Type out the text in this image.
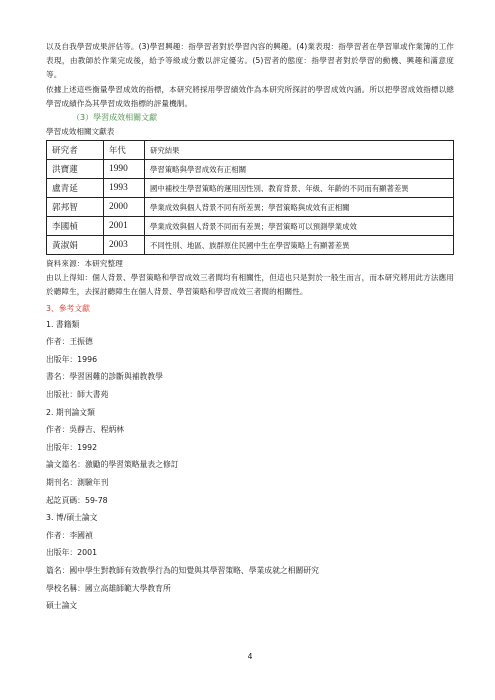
以及自我學習成果評估等。(3)學習興趣：指學習者對於學習內容的興趣。(4)業表現：指學習者在學習單或作業簿的工作表現，由教師於作業完成後，給予等級或分數以評定優劣。(5)習者的態度：指學習者對於學習的動機、興趣和滿意度等。

依據上述這些衡量學習成效的指標，本研究將採用學習績效作為本研究所探討的學習成效內涵。所以把學習成效指標以總學習成績作為其學習成效指標的評量機制。

（3）學習成效相關文獻

學習成效相關文獻表

研究者	年代	研究結果
洪寶蓮	1990	學習策略與學習成效有正相關
盧青延	1993	國中補校生學習策略的運用因性別、教育背景、年級、年齡的不同而有顯著差異
郭邦智	2000	學業成效與個人背景不同有所差異；學習策略與成效有正相關
李國楨	2001	學業成效與個人背景不同而有差異；學習策略可以預測學業成效
黃淑娟	2003	不同性別、地區、族群原住民國中生在學習策略上有顯著差異

資料來源：本研究整理

由以上得知：個人背景、學習策略和學習成效三者間均有相關性，但這也只是對於一般生而言，而本研究將用此方法應用於聽障生，去探討聽障生在個人背景、學習策略和學習成效三者間的相關性。

3、參考文獻

1. 書籍類

作者：王振德

出版年：1996

書名：學習困難的診斷與補教教學

出版社：師大書苑

2. 期刊論文類

作者：吳靜吉、程炳林

出版年：1992

論文篇名：激勵的學習策略量表之修訂

期刊名：測驗年刊

起訖頁碼：59-78

3. 博/碩士論文

作者：李國禎

出版年：2001

篇名：國中學生對教師有效教學行為的知覺與其學習策略、學業成就之相關研究

學校名稱：國立高雄師範大學教育所

碩士論文

4
